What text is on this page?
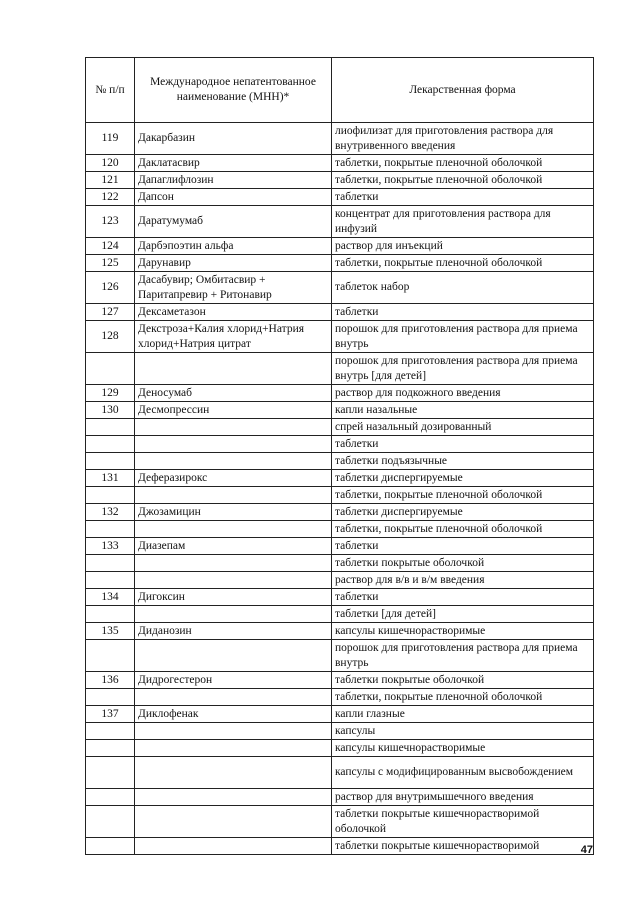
№ п/п	Международное непатентованное наименование (МНН)*	Лекарственная форма
119	Дакарбазин	лиофилизат для приготовления раствора для внутривенного введения
120	Даклатасвир	таблетки, покрытые пленочной оболочкой
121	Дапаглифлозин	таблетки, покрытые пленочной оболочкой
122	Дапсон	таблетки
123	Даратумумаб	концентрат для приготовления раствора для инфузий
124	Дарбэпоэтин альфа	раствор для инъекций
125	Дарунавир	таблетки, покрытые пленочной оболочкой
126	Дасабувир; Омбитасвир + Паритапревир + Ритонавир	таблеток набор
127	Дексаметазон	таблетки
128	Декстроза+Калия хлорид+Натрия хлорид+Натрия цитрат	порошок для приготовления раствора для приема внутрь
		порошок для приготовления раствора для приема внутрь [для детей]
129	Деносумаб	раствор для подкожного введения
130	Десмопрессин	капли назальные
		спрей назальный дозированный
		таблетки
		таблетки подъязычные
131	Деферазирокс	таблетки диспергируемые
		таблетки, покрытые пленочной оболочкой
132	Джозамицин	таблетки диспергируемые
		таблетки, покрытые пленочной оболочкой
133	Диазепам	таблетки
		таблетки покрытые оболочкой
		раствор для в/в и в/м введения
134	Дигоксин	таблетки
		таблетки [для детей]
135	Диданозин	капсулы кишечнорастворимые
		порошок для приготовления раствора для приема внутрь
136	Дидрогестерон	таблетки покрытые оболочкой
		таблетки, покрытые пленочной оболочкой
137	Диклофенак	капли глазные
		капсулы
		капсулы кишечнорастворимые
		капсулы с модифицированным высвобождением
		раствор для внутримышечного введения
		таблетки покрытые кишечнорастворимой оболочкой
		таблетки покрытые кишечнорастворимой	47
